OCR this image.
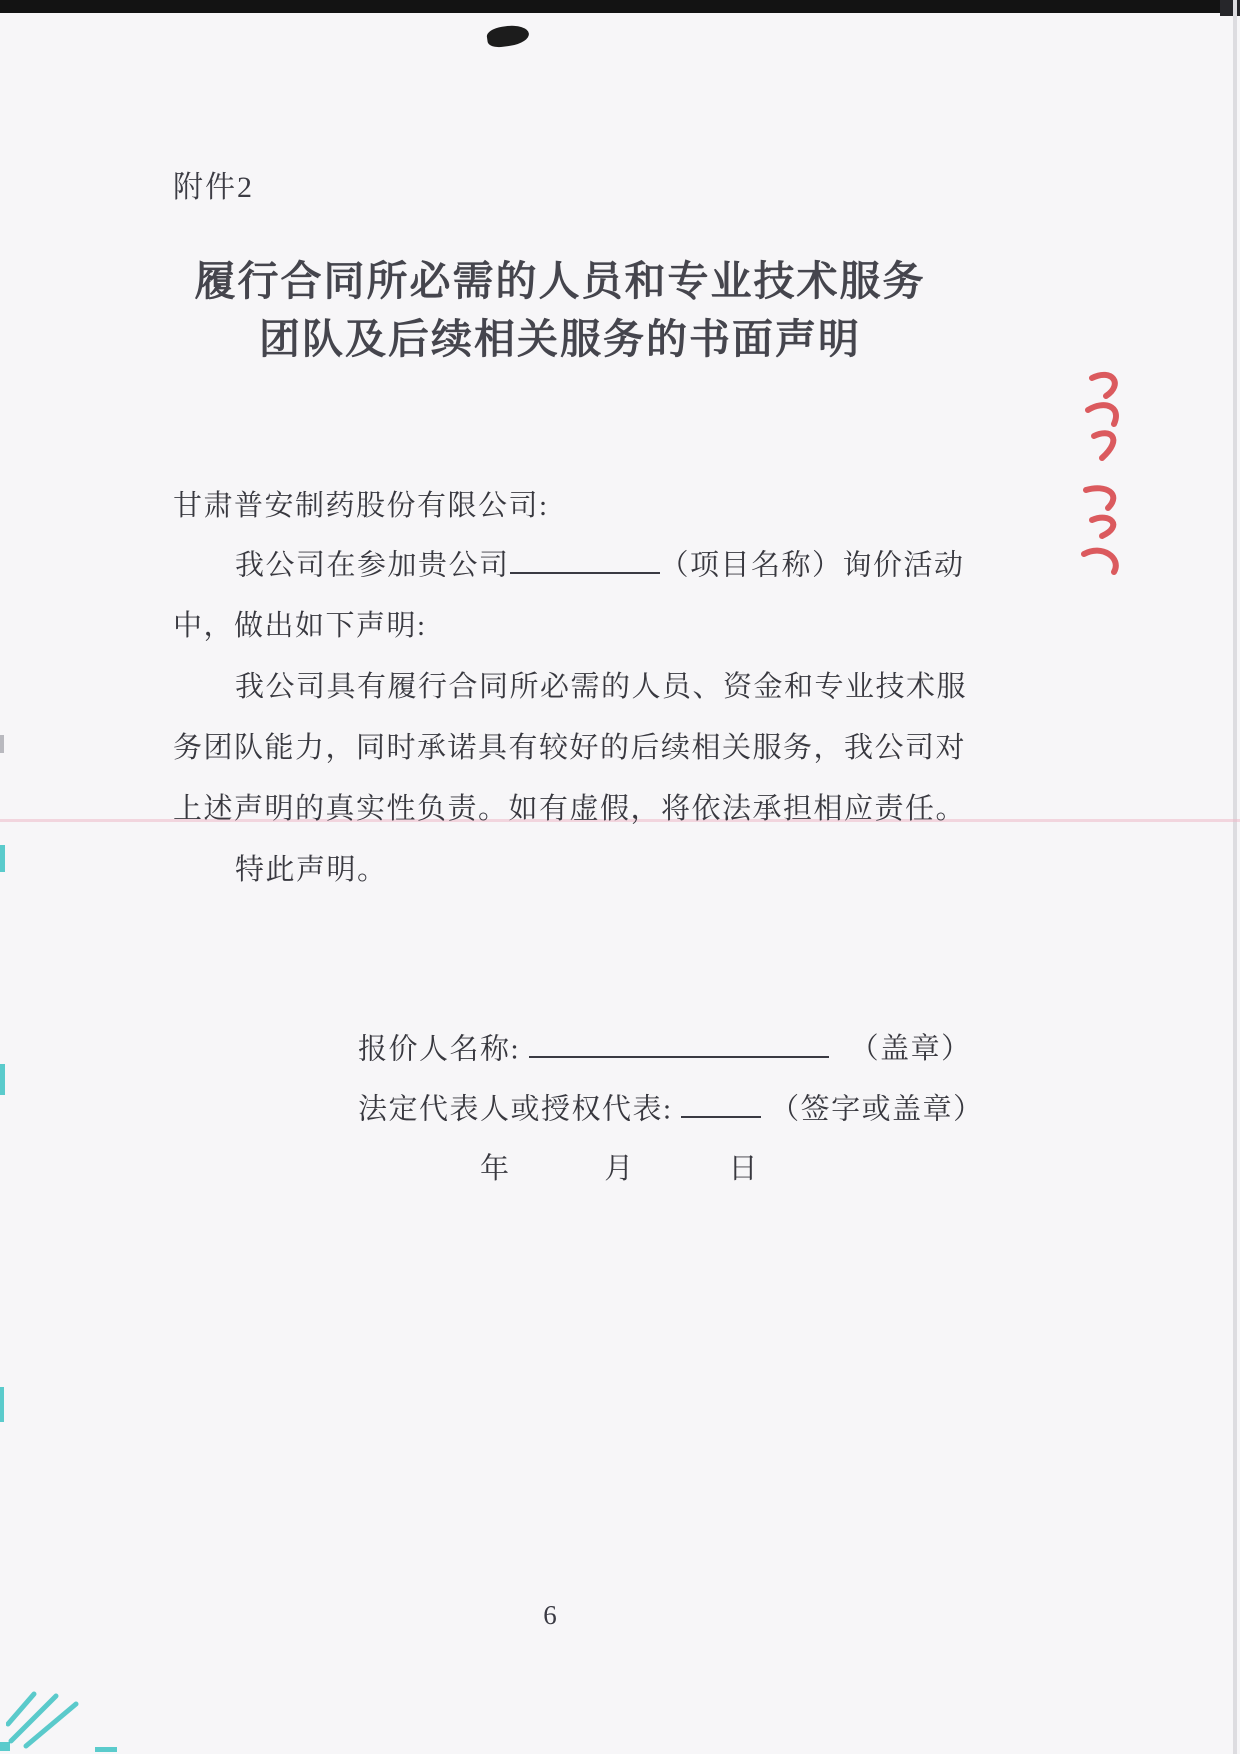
附件2
履行合同所必需的人员和专业技术服务
团队及后续相关服务的书面声明
甘肃普安制药股份有限公司:
我公司在参加贵公司	（项目名称）询价活动
中，做出如下声明:
我公司具有履行合同所必需的人员、资金和专业技术服
务团队能力，同时承诺具有较好的后续相关服务，我公司对
上述声明的真实性负责。如有虚假，将依法承担相应责任。
特此声明。
报价人名称:	（盖章）
法定代表人或授权代表:	（签字或盖章）
年	月	日
6
